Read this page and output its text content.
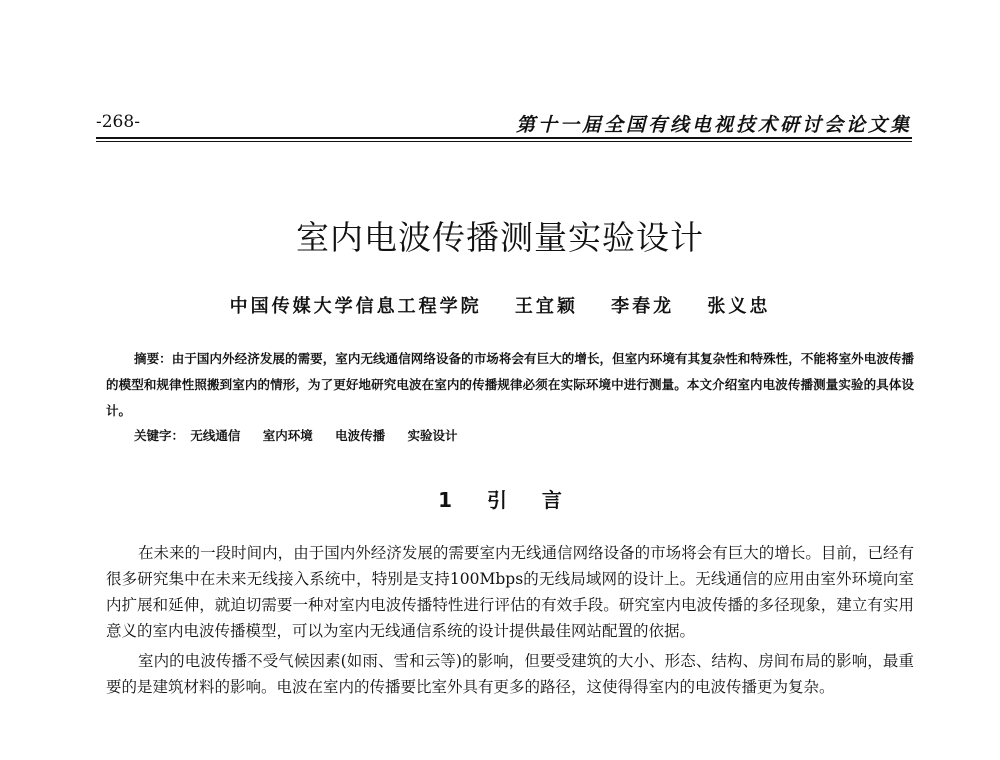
-268-	第十一届全国有线电视技术研讨会论文集
室内电波传播测量实验设计
中国传媒大学信息工程学院 王宜颖 李春龙 张义忠
摘要：由于国内外经济发展的需要，室内无线通信网络设备的市场将会有巨大的增长，但室内环境有其复杂性和特殊性，不能将室外电波传播的模型和规律性照搬到室内的情形，为了更好地研究电波在室内的传播规律必须在实际环境中进行测量。本文介绍室内电波传播测量实验的具体设计。
关键字： 无线通信 室内环境 电波传播 实验设计
1 引 言

在未来的一段时间内，由于国内外经济发展的需要室内无线通信网络设备的市场将会有巨大的增长。目前，已经有很多研究集中在未来无线接入系统中，特别是支持100Mbps的无线局域网的设计上。无线通信的应用由室外环境向室内扩展和延伸，就迫切需要一种对室内电波传播特性进行评估的有效手段。研究室内电波传播的多径现象，建立有实用意义的室内电波传播模型，可以为室内无线通信系统的设计提供最佳网站配置的依据。

室内的电波传播不受气候因素(如雨、雪和云等)的影响，但要受建筑的大小、形态、结构、房间布局的影响，最重要的是建筑材料的影响。电波在室内的传播要比室外具有更多的路径，这使得得室内的电波传播更为复杂。
